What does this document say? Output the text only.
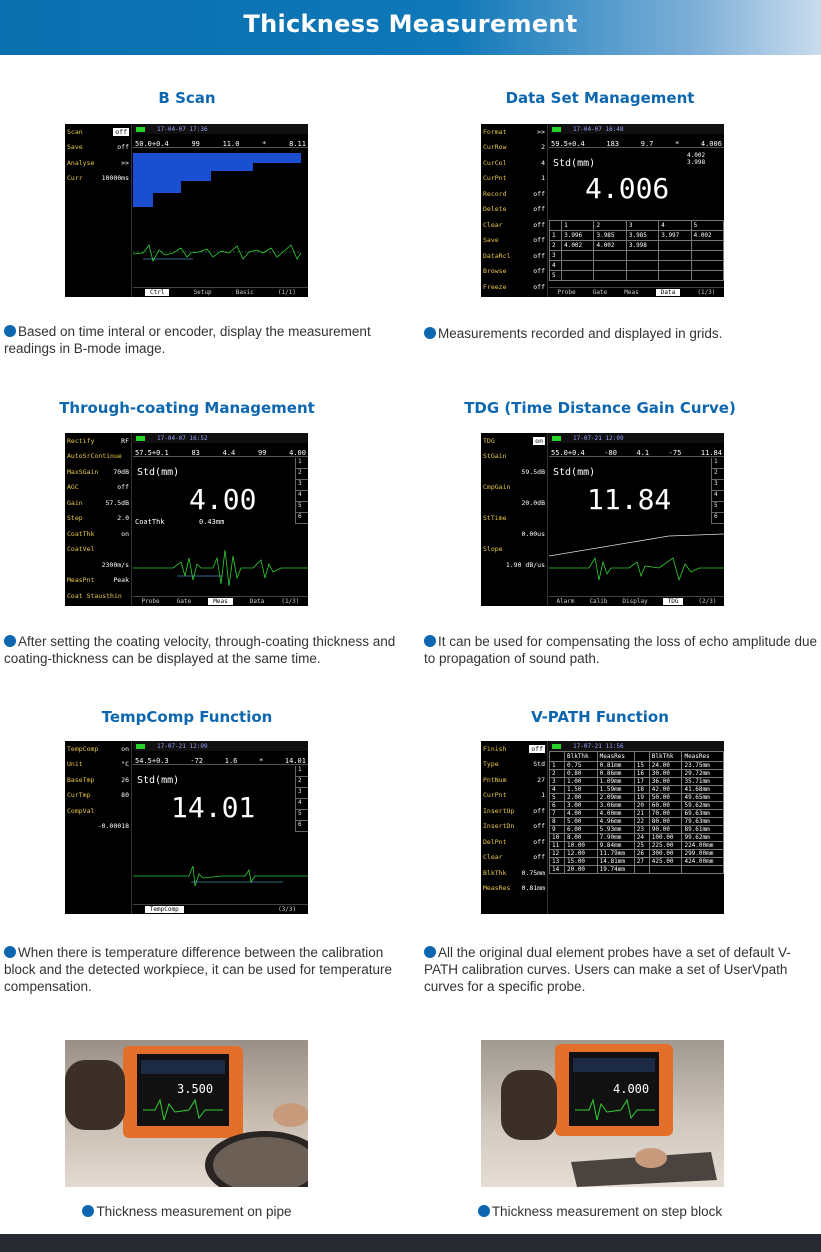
Thickness Measurement
B Scan	Data Set Management
Through-coating Management	TDG (Time Distance Gain Curve)
TempComp Function	V-PATH Function
Scan	off
Save	off
Analyse	>>
Curr	10000ms
17-04-07 17:36
50.0+0.4	99	11.0	*	8.11
Ctrl	Setup	Basic	(1/1)
Format	>>
CurRow	2
CurCol	4
CurPnt	1
Record	off
Delete	off
Clear	off
Save	off
DataRcl	off
Browse	off
Freeze	off
17-04-07 16:48
59.5+0.4	183	9.7	*	4.006
Std(mm)
4.006
4.002
3.998
	1	2	3	4	5
1	3.996	3.985	3.985	3.997	4.002
2	4.002	4.002	3.998		
3					
4					
5					
Probe	Gate	Meas	Data	(1/3)
Rectify	RF
AutoSrContinue
MaxSGain 70dB
AGC	off
Gain	57.5dB
Step	2.0
CoatThk	on
CoatVel
2300m/s
MeasPnt	Peak
Coat Stausthin
17-04-07 16:52
57.5+0.1	83	4.4	99	4.00
Std(mm)
4.00
CoatThk	0.43mm
1
2
3
4
5
6
Probe	Gate	Meas	Data	(1/3)
TDG	on
StGain
59.5dB
CmpGain
20.0dB
StTime
0.00us
Slope
1.90 dB/us
17-07-21 12:09
55.0+0.4	-80	4.1	-75	11.84
Std(mm)
11.84
1
2
3
4
5
6
Alarm Calib Display	TDG	(2/3)
TempComp	on
Unit	°C
BaseTmp	26
CurTmp	80
CompVal
-0.00018
17-07-21 12:09
54.5+0.3	-72	1.6	*	14.01
Std(mm)
14.01
1
2
3
4
5
6
TempComp	(3/3)
Finish	off
Type	Std
PntNum	27
CurPnt	1
InsertUp	off
InsertDn	off
DelPnt	off
Clear	off
BlkThk 0.75mm
MeasRes 0.81mm
17-07-21 11:56
	BlkThk	MeasRes		BlkThk	MeasRes
1	0.75	0.81mm	15	24.00	23.75mm
2	0.80	0.86mm	16	30.00	29.72mm
3	1.00	1.09mm	17	36.00	35.71mm
4	1.50	1.59mm	18	42.00	41.68mm
5	2.00	2.09mm	19	50.00	49.65mm
6	3.00	3.06mm	20	60.00	59.62mm
7	4.00	4.00mm	21	70.00	69.63mm
8	5.00	4.96mm	22	80.00	79.63mm
9	6.00	5.93mm	23	90.00	89.61mm
10	8.00	7.90mm	24	100.00	99.62mm
11	10.00	9.84mm	25	225.00	224.00mm
12	12.00	11.79mm	26	300.00	299.00mm
13	15.00	14.81mm	27	425.00	424.00mm
14	20.00	19.74mm			
Based on time interal or encoder, display the measurement readings in B-mode image.
Measurements recorded and displayed in grids.
After setting the coating velocity, through-coating thickness and coating-thickness can be displayed at the same time.
It can be used for compensating the loss of echo amplitude due to propagation of sound path.
When there is temperature difference between the calibration block and the detected workpiece, it can be used for temperature compensation.
All the original dual element probes have a set of default V-PATH calibration curves. Users can make a set of UserVpath curves for a specific probe.
3.500	4.000
Thickness measurement on pipe	Thickness measurement on step block
